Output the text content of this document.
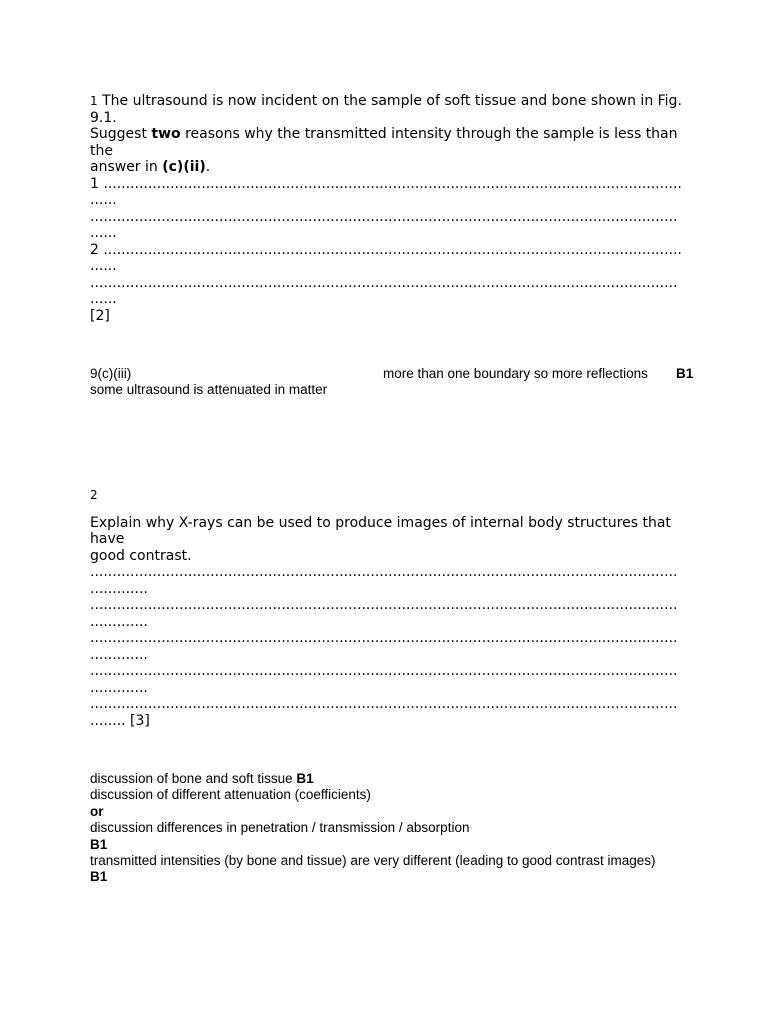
1 The ultrasound is now incident on the sample of soft tissue and bone shown in Fig.
9.1.
Suggest two reasons why the transmitted intensity through the sample is less than
the
answer in (c)(ii).
1 ..................................................................................................................................
......
....................................................................................................................................
......
2 ..................................................................................................................................
......
....................................................................................................................................
......
[2]
9(c)(iii)	more than one boundary so more reflections B1
some ultrasound is attenuated in matter
2
Explain why X-rays can be used to produce images of internal body structures that
have
good contrast.
....................................................................................................................................
.............
....................................................................................................................................
.............
....................................................................................................................................
.............
....................................................................................................................................
.............
....................................................................................................................................
........ [3]
discussion of bone and soft tissue B1
discussion of different attenuation (coefficients)
or
discussion differences in penetration / transmission / absorption
B1
transmitted intensities (by bone and tissue) are very different (leading to good contrast images)
B1
